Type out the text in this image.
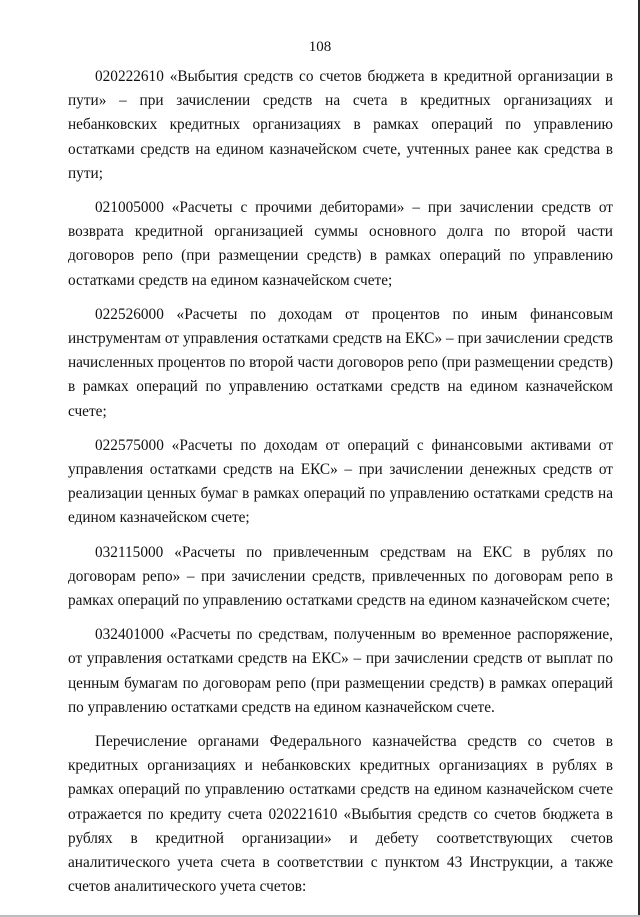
108

020222610 «Выбытия средств со счетов бюджета в кредитной организации в пути» – при зачислении средств на счета в кредитных организациях и небанковских кредитных организациях в рамках операций по управлению остатками средств на едином казначейском счете, учтенных ранее как средства в пути;

021005000 «Расчеты с прочими дебиторами» – при зачислении средств от возврата кредитной организацией суммы основного долга по второй части договоров репо (при размещении средств) в рамках операций по управлению остатками средств на едином казначейском счете;

022526000 «Расчеты по доходам от процентов по иным финансовым инструментам от управления остатками средств на ЕКС» – при зачислении средств начисленных процентов по второй части договоров репо (при размещении средств) в рамках операций по управлению остатками средств на едином казначейском счете;

022575000 «Расчеты по доходам от операций с финансовыми активами от управления остатками средств на ЕКС» – при зачислении денежных средств от реализации ценных бумаг в рамках операций по управлению остатками средств на едином казначейском счете;

032115000 «Расчеты по привлеченным средствам на ЕКС в рублях по договорам репо» – при зачислении средств, привлеченных по договорам репо в рамках операций по управлению остатками средств на едином казначейском счете;

032401000 «Расчеты по средствам, полученным во временное распоряжение, от управления остатками средств на ЕКС» – при зачислении средств от выплат по ценным бумагам по договорам репо (при размещении средств) в рамках операций по управлению остатками средств на едином казначейском счете.

Перечисление органами Федерального казначейства средств со счетов в кредитных организациях и небанковских кредитных организациях в рублях в рамках операций по управлению остатками средств на едином казначейском счете отражается по кредиту счета 020221610 «Выбытия средств со счетов бюджета в рублях в кредитной организации» и дебету соответствующих счетов аналитического учета счета в соответствии с пунктом 43 Инструкции, а также счетов аналитического учета счетов:
